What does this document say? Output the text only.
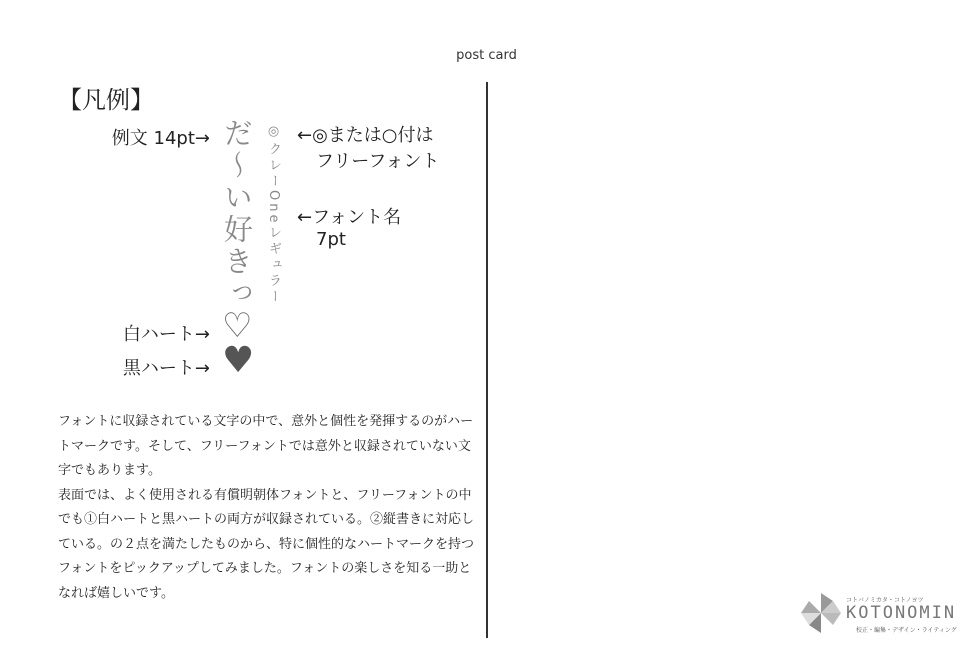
post card
【凡例】
例文 14pt→ だ〜い好きっ ◎クレーOneレギュラー ←◎または○付は
フリーフォント
←フォント名
7pt
白ハート→ ♡
黒ハート→ ♥

フォントに収録されている文字の中で、意外と個性を発揮するのがハートマークです。そして、フリーフォントでは意外と収録されていない文字でもあります。

表面では、よく使用される有償明朝体フォントと、フリーフォントの中でも①白ハートと黒ハートの両方が収録されている。②縦書きに対応している。の２点を満たしたものから、特に個性的なハートマークを持つフォントをピックアップしてみました。フォントの楽しさを知る一助となれば嬉しいです。	コトバノミカタ・コトノヨツ
KOTONOMIN
校正・編集・デザイン・ライティング
